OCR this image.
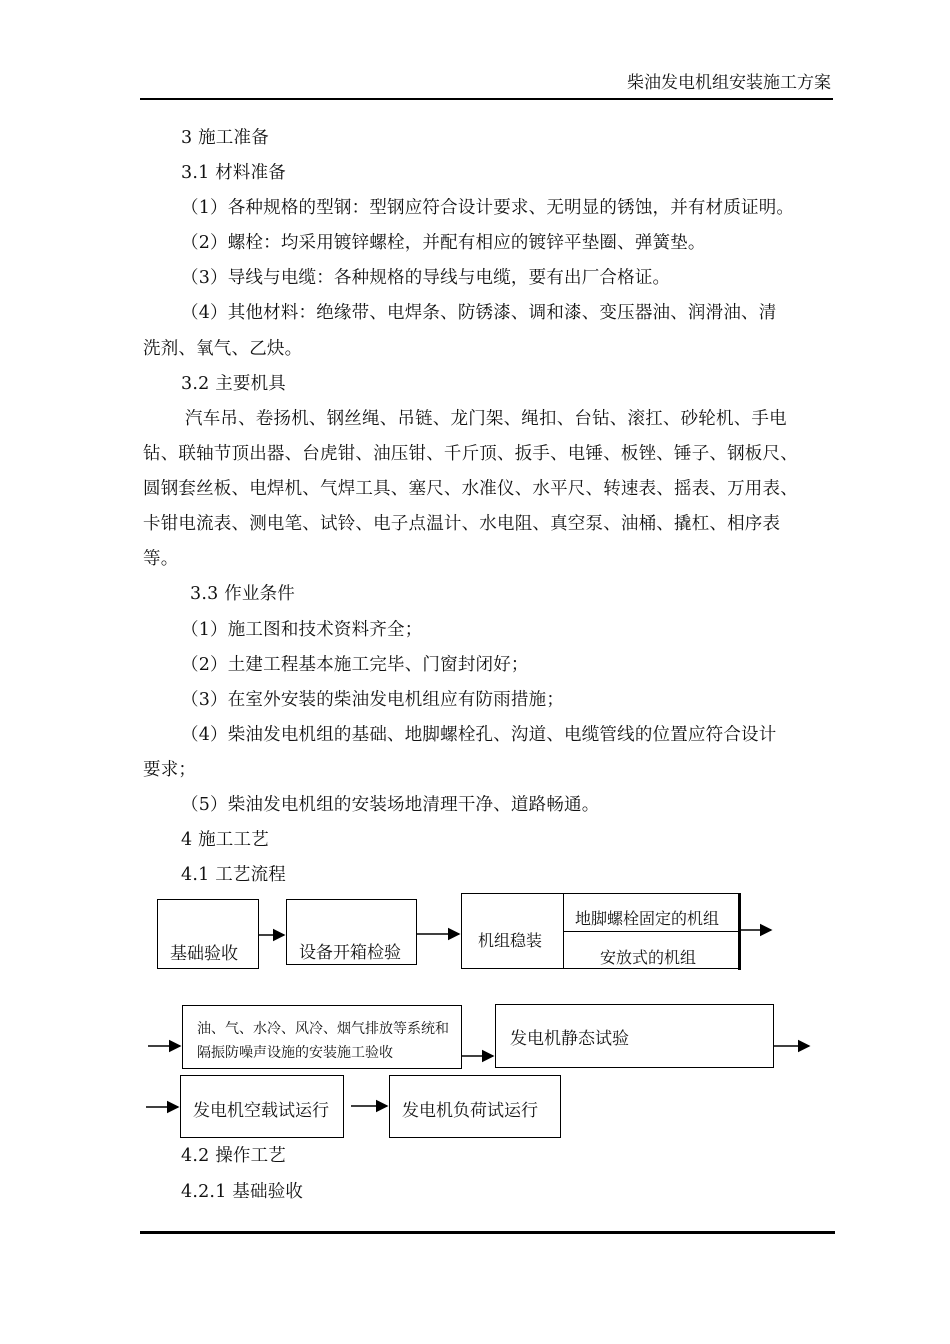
柴油发电机组安装施工方案
3 施工准备
3.1 材料准备
（1）各种规格的型钢：型钢应符合设计要求、无明显的锈蚀，并有材质证明。
（2）螺栓：均采用镀锌螺栓，并配有相应的镀锌平垫圈、弹簧垫。
（3）导线与电缆：各种规格的导线与电缆，要有出厂合格证。
（4）其他材料：绝缘带、电焊条、防锈漆、调和漆、变压器油、润滑油、清
洗剂、氧气、乙炔。
3.2 主要机具
汽车吊、卷扬机、钢丝绳、吊链、龙门架、绳扣、台钻、滚扛、砂轮机、手电
钻、联轴节顶出器、台虎钳、油压钳、千斤顶、扳手、电锤、板锉、锤子、钢板尺、
圆钢套丝板、电焊机、气焊工具、塞尺、水准仪、水平尺、转速表、摇表、万用表、
卡钳电流表、测电笔、试铃、电子点温计、水电阻、真空泵、油桶、撬杠、相序表
等。
3.3 作业条件
（1）施工图和技术资料齐全；
（2）土建工程基本施工完毕、门窗封闭好；
（3）在室外安装的柴油发电机组应有防雨措施；
（4）柴油发电机组的基础、地脚螺栓孔、沟道、电缆管线的位置应符合设计
要求；
（5）柴油发电机组的安装场地清理干净、道路畅通。
4 施工工艺
4.1 工艺流程
基础验收	设备开箱检验
机组稳装
地脚螺栓固定的机组
安放式的机组
油、气、水冷、风冷、烟气排放等系统和
隔振防噪声设施的安装施工验收
发电机静态试验
发电机空载试运行	发电机负荷试运行
4.2 操作工艺
4.2.1 基础验收
